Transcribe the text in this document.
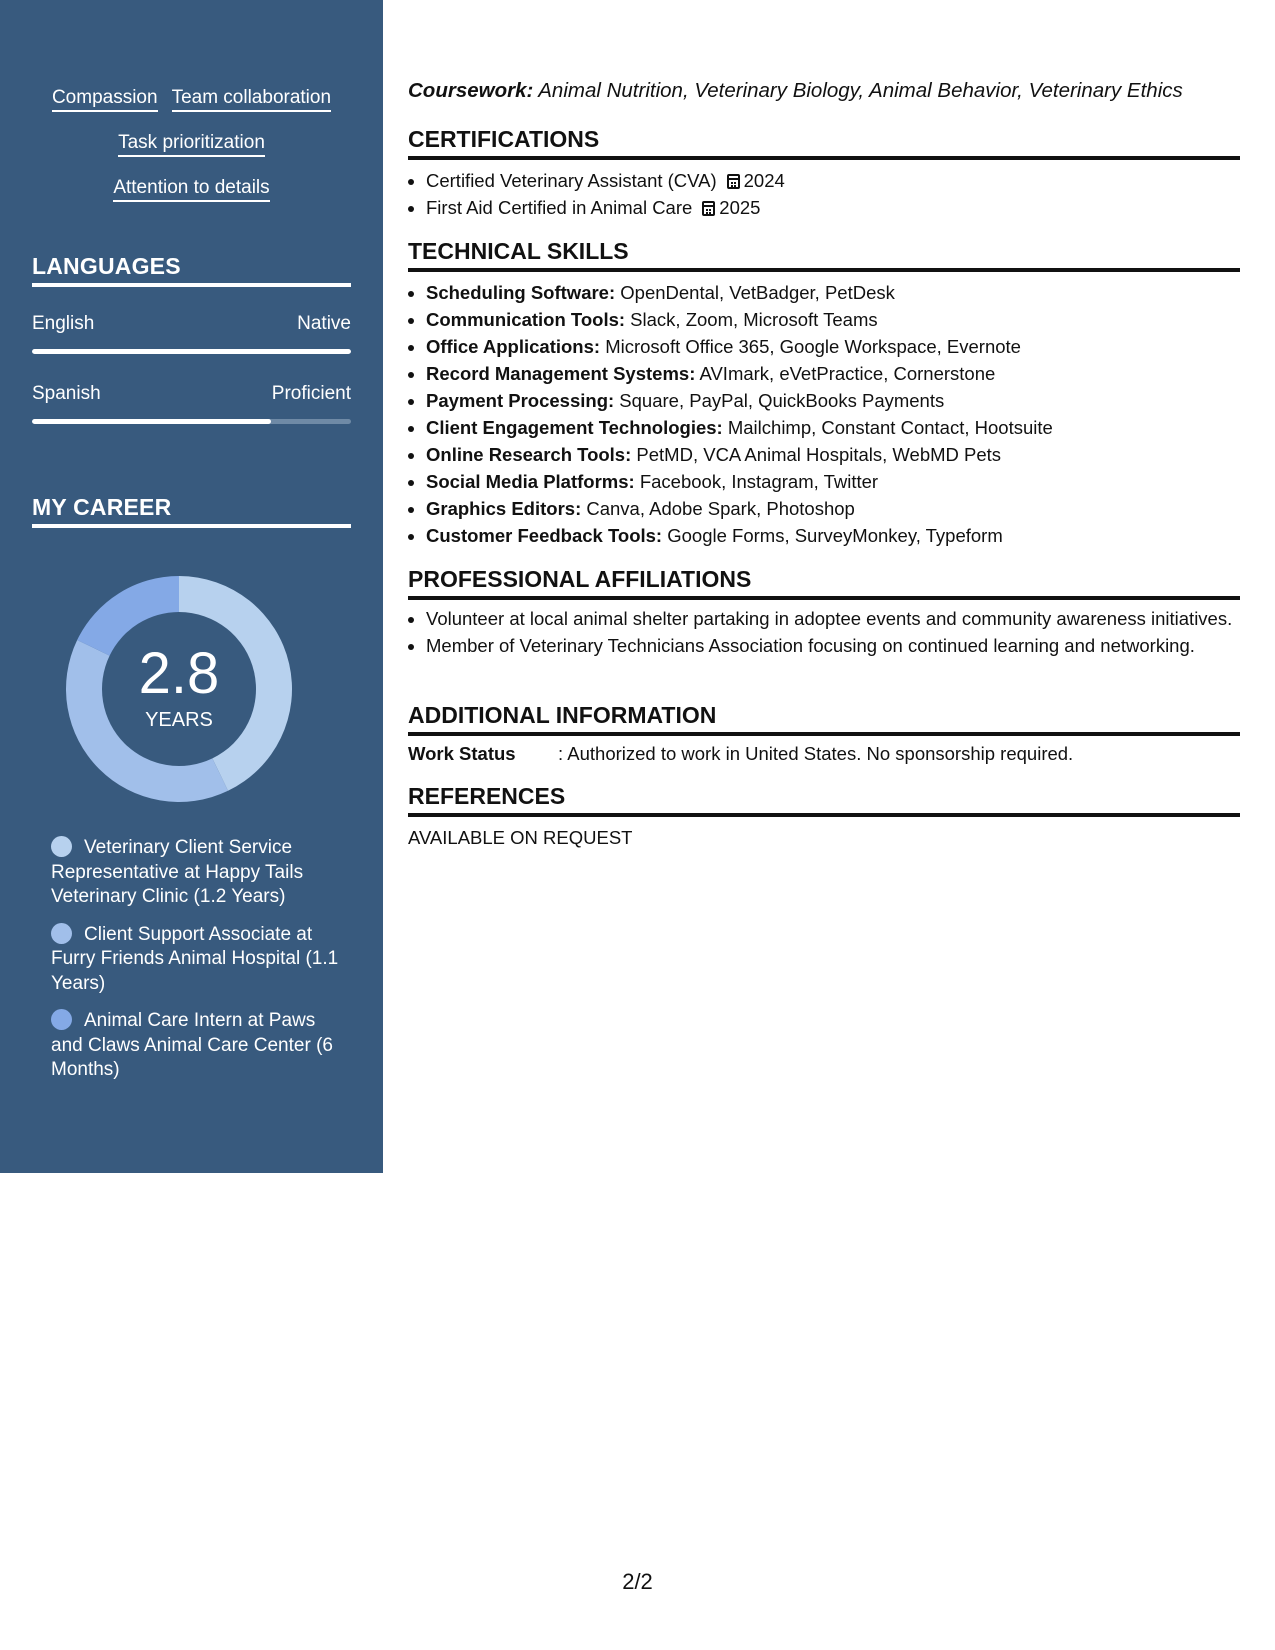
Compassion Team collaboration
Task prioritization
Attention to details
LANGUAGES
English	Native
Spanish	Proficient
MY CAREER
2.8
YEARS
Veterinary Client Service Representative at Happy Tails Veterinary Clinic (1.2 Years)
Client Support Associate at Furry Friends Animal Hospital (1.1 Years)
Animal Care Intern at Paws and Claws Animal Care Center (6 Months)
Coursework: Animal Nutrition, Veterinary Biology, Animal Behavior, Veterinary Ethics
CERTIFICATIONS
• Certified Veterinary Assistant (CVA) 2024
• First Aid Certified in Animal Care 2025
TECHNICAL SKILLS
• Scheduling Software: OpenDental, VetBadger, PetDesk
• Communication Tools: Slack, Zoom, Microsoft Teams
• Office Applications: Microsoft Office 365, Google Workspace, Evernote
• Record Management Systems: AVImark, eVetPractice, Cornerstone
• Payment Processing: Square, PayPal, QuickBooks Payments
• Client Engagement Technologies: Mailchimp, Constant Contact, Hootsuite
• Online Research Tools: PetMD, VCA Animal Hospitals, WebMD Pets
• Social Media Platforms: Facebook, Instagram, Twitter
• Graphics Editors: Canva, Adobe Spark, Photoshop
• Customer Feedback Tools: Google Forms, SurveyMonkey, Typeform
PROFESSIONAL AFFILIATIONS
• Volunteer at local animal shelter partaking in adoptee events and community awareness initiatives.
• Member of Veterinary Technicians Association focusing on continued learning and networking.
ADDITIONAL INFORMATION
Work Status : Authorized to work in United States. No sponsorship required.
REFERENCES
AVAILABLE ON REQUEST
2/2
